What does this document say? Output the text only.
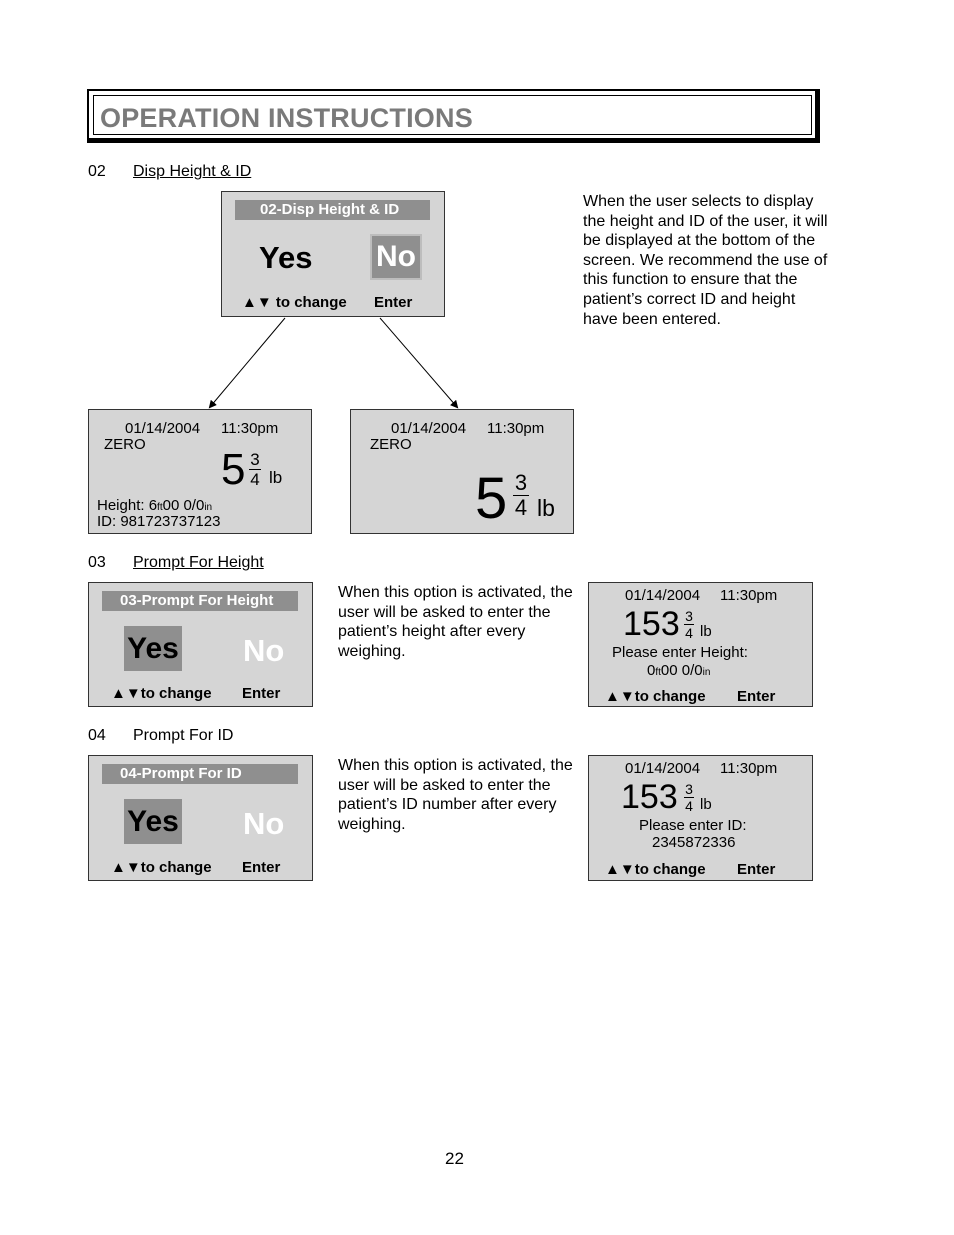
OPERATION INSTRUCTIONS
02 Disp Height & ID
02-Disp Height & ID
Yes No
▲▼ to change Enter
When the user selects to display the height and ID of the user, it will be displayed at the bottom of the screen. We recommend the use of this function to ensure that the patient’s correct ID and height have been entered.
01/14/2004 11:30pm
ZERO
5 3
4 lb
Height: 6ft00 0/0in
ID: 981723737123
01/14/2004 11:30pm
ZERO
5 3
4 lb
03 Prompt For Height
03-Prompt For Height
Yes No
▲▼to change Enter
When this option is activated, the user will be asked to enter the patient’s height after every weighing.
01/14/2004 11:30pm
153 3
4 lb
Please enter Height:
0ft00 0/0in
▲▼to change Enter
04 Prompt For ID
04-Prompt For ID
Yes No
▲▼to change Enter
When this option is activated, the user will be asked to enter the patient’s ID number after every weighing.
01/14/2004 11:30pm
153 3
4 lb
Please enter ID:
2345872336
▲▼to change Enter
22
